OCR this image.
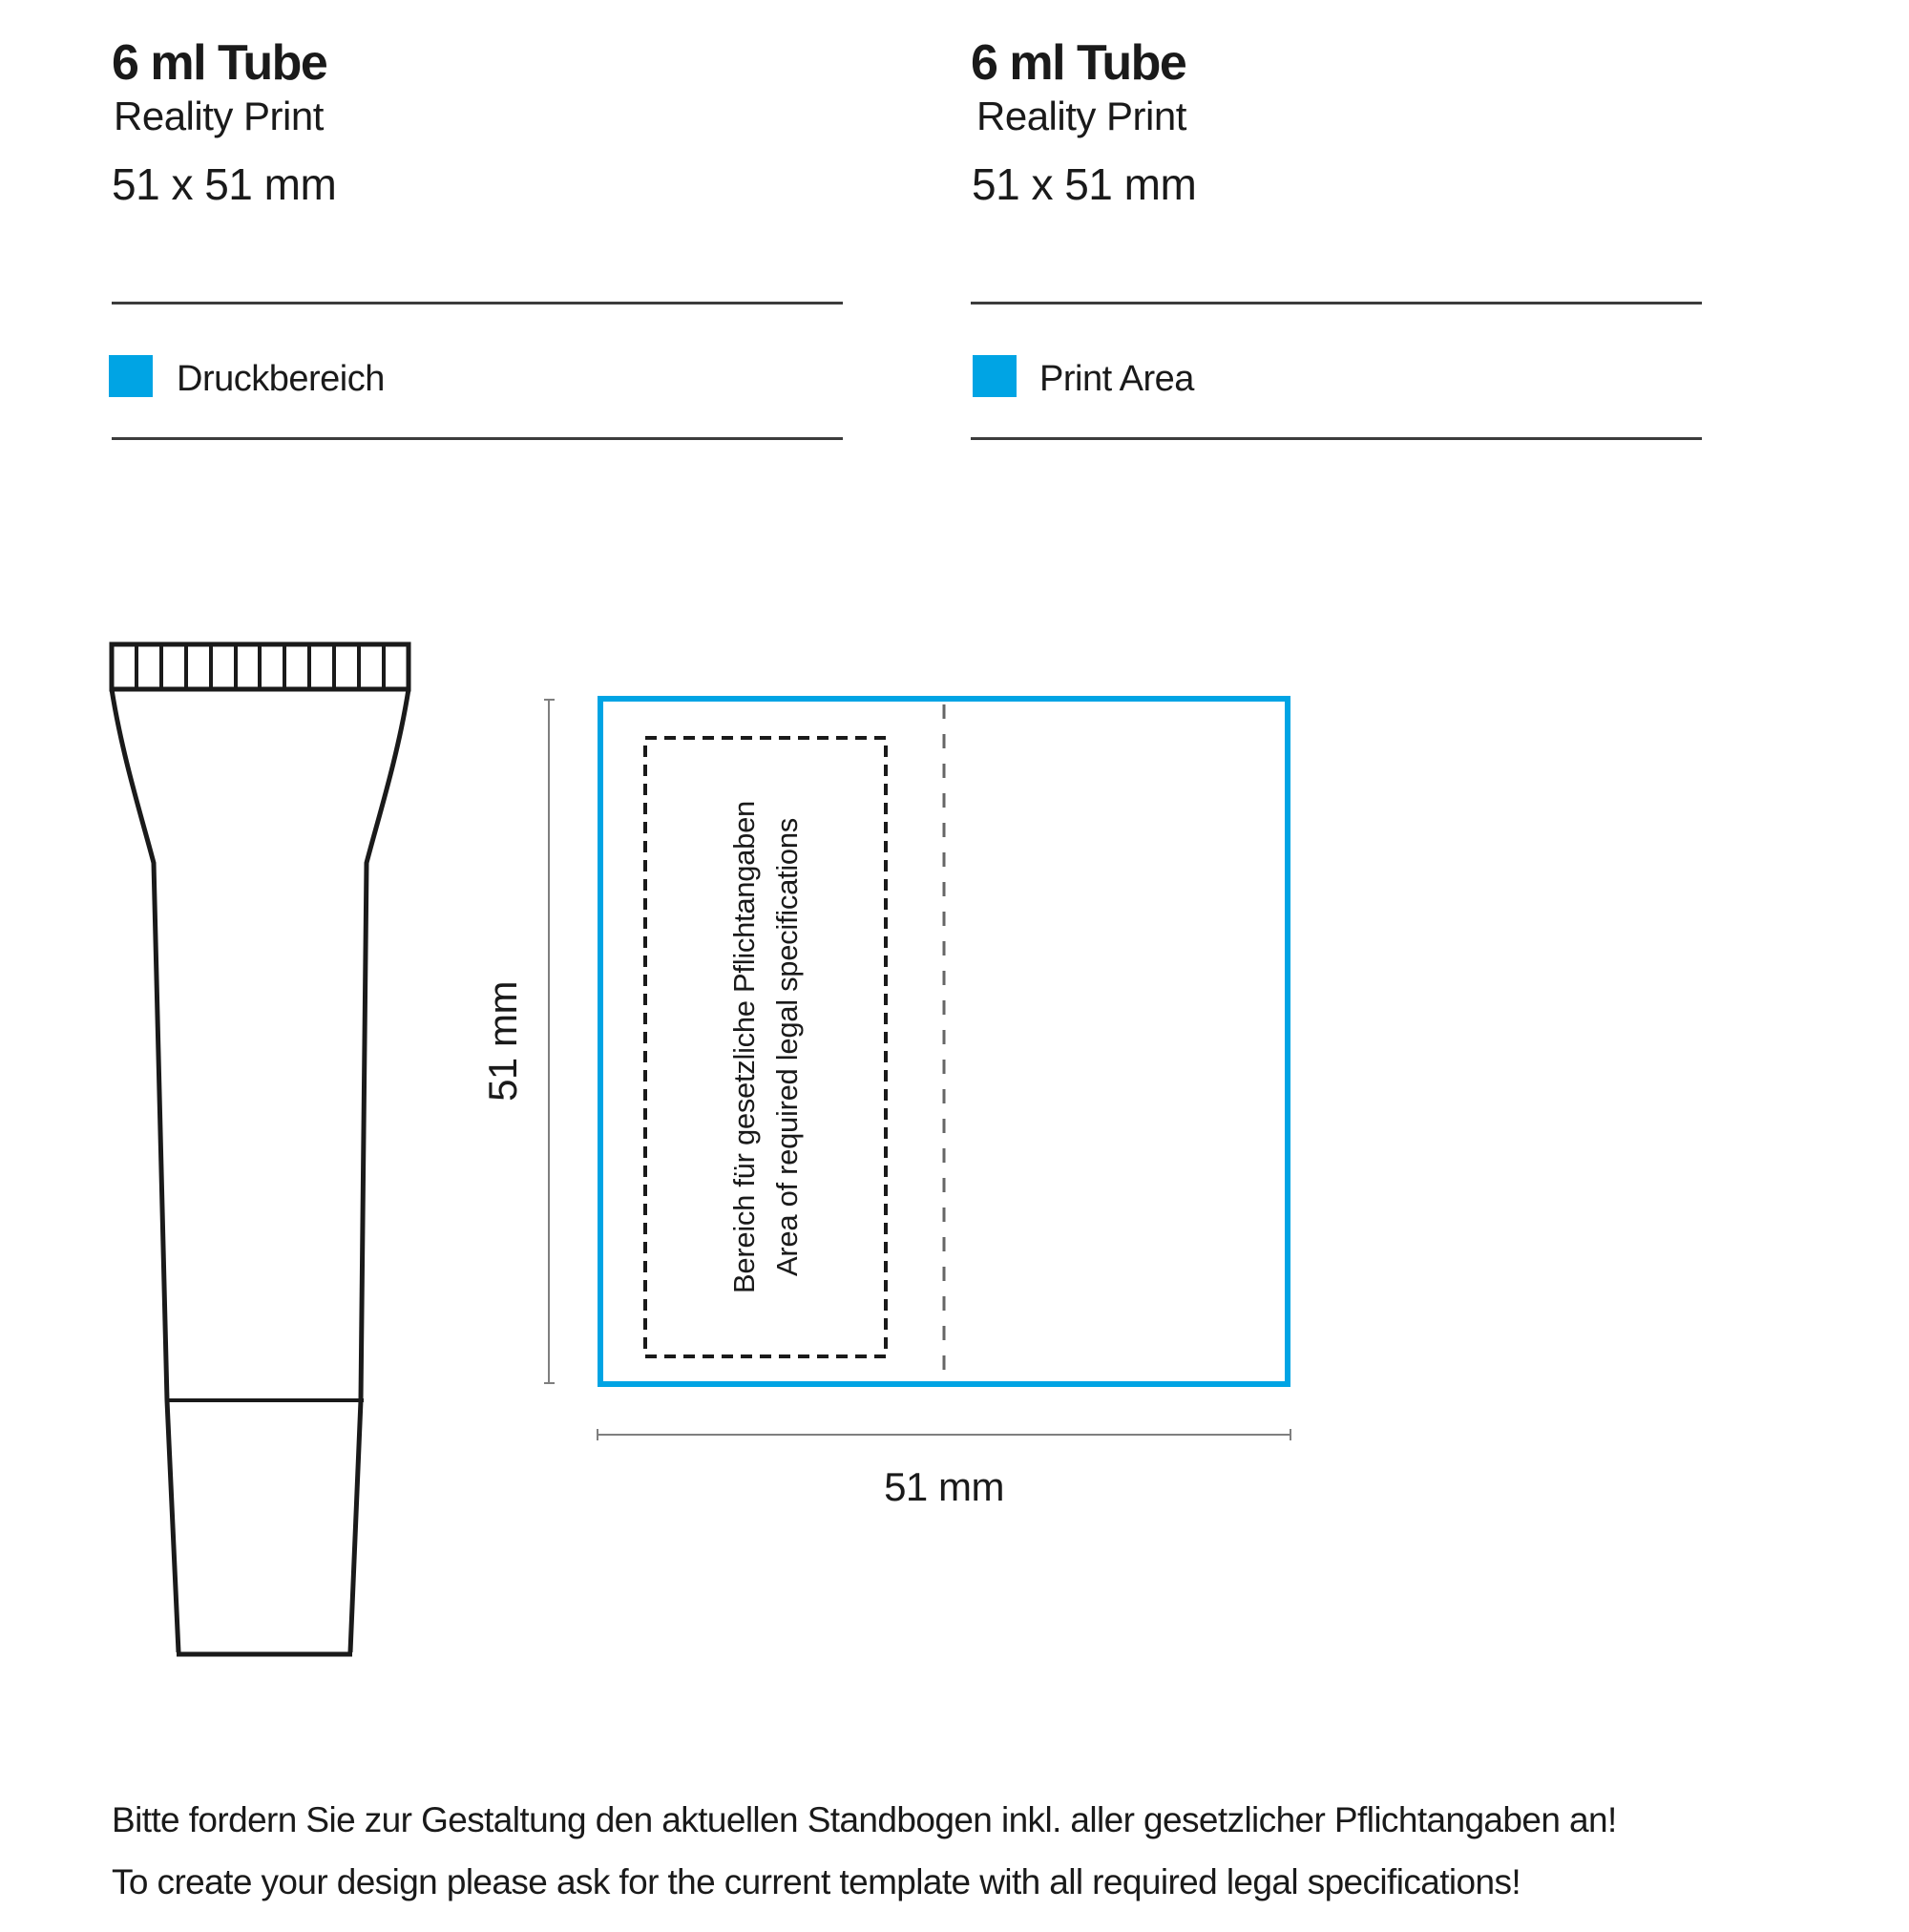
6 ml Tube
Reality Print
51 x 51 mm
Druckbereich
6 ml Tube
Reality Print
51 x 51 mm
Print Area
Bereich für gesetzliche Pflichtangaben Area of required legal specifications
51 mm
51 mm
Bitte fordern Sie zur Gestaltung den aktuellen Standbogen inkl. aller gesetzlicher Pflichtangaben an!
To create your design please ask for the current template with all required legal specifications!
